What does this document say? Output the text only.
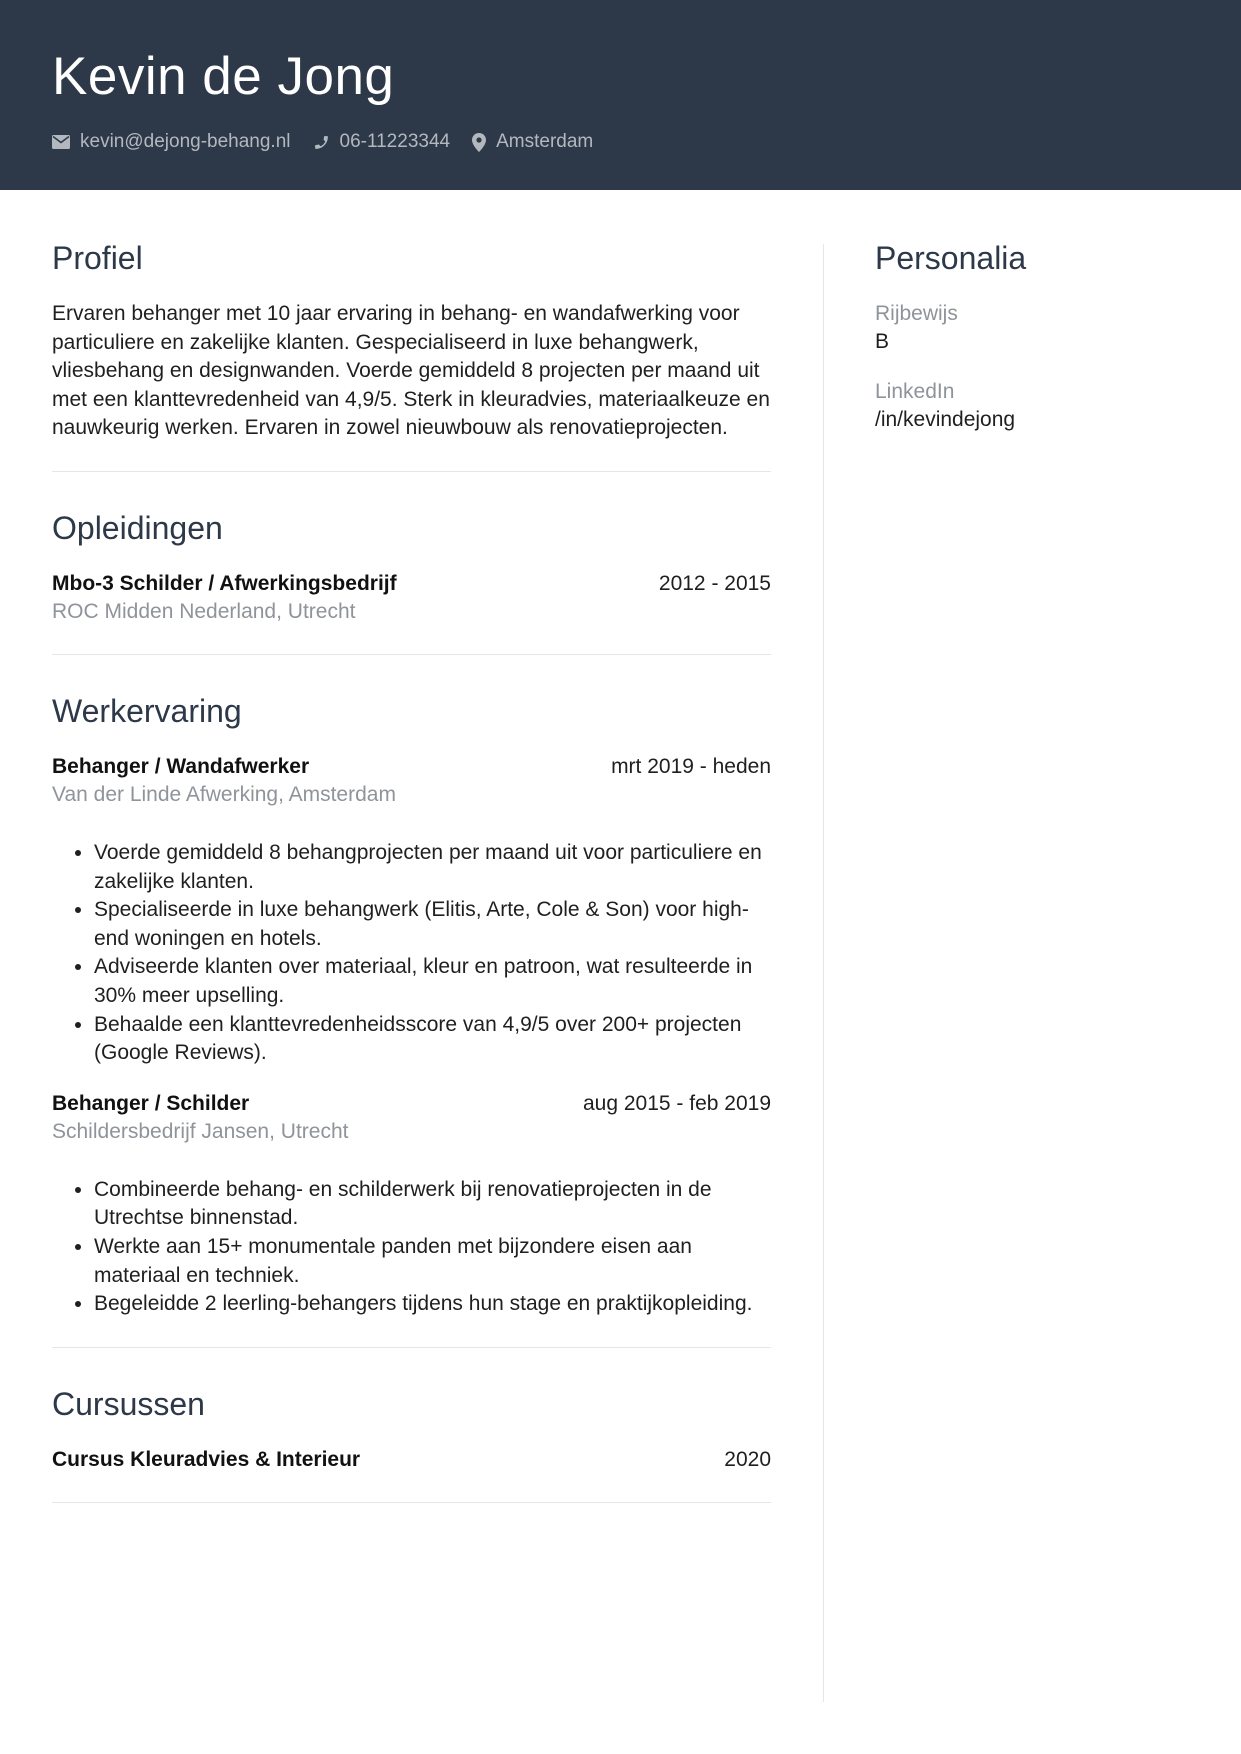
Kevin de Jong
kevin@dejong-behang.nl	06-11223344 Amsterdam
Profiel

Ervaren behanger met 10 jaar ervaring in behang- en wandafwerking voor particuliere en zakelijke klanten. Gespecialiseerd in luxe behangwerk, vliesbehang en designwanden. Voerde gemiddeld 8 projecten per maand uit met een klanttevredenheid van 4,9/5. Sterk in kleuradvies, materiaalkeuze en nauwkeurig werken. Ervaren in zowel nieuwbouw als renovatieprojecten.

Opleidingen
Mbo-3 Schilder / Afwerkingsbedrijf	2012 - 2015
ROC Midden Nederland, Utrecht
Werkervaring
Behanger / Wandafwerker	mrt 2019 - heden
Van der Linde Afwerking, Amsterdam
• Voerde gemiddeld 8 behangprojecten per maand uit voor particuliere en zakelijke klanten.
• Specialiseerde in luxe behangwerk (Elitis, Arte, Cole & Son) voor high-end woningen en hotels.
• Adviseerde klanten over materiaal, kleur en patroon, wat resulteerde in 30% meer upselling.
• Behaalde een klanttevredenheidsscore van 4,9/5 over 200+ projecten (Google Reviews).
Behanger / Schilder	aug 2015 - feb 2019
Schildersbedrijf Jansen, Utrecht
• Combineerde behang- en schilderwerk bij renovatieprojecten in de Utrechtse binnenstad.
• Werkte aan 15+ monumentale panden met bijzondere eisen aan materiaal en techniek.
• Begeleidde 2 leerling-behangers tijdens hun stage en praktijkopleiding.
Cursussen
Cursus Kleuradvies & Interieur	2020
Personalia
Rijbewijs
B
LinkedIn
/in/kevindejong
